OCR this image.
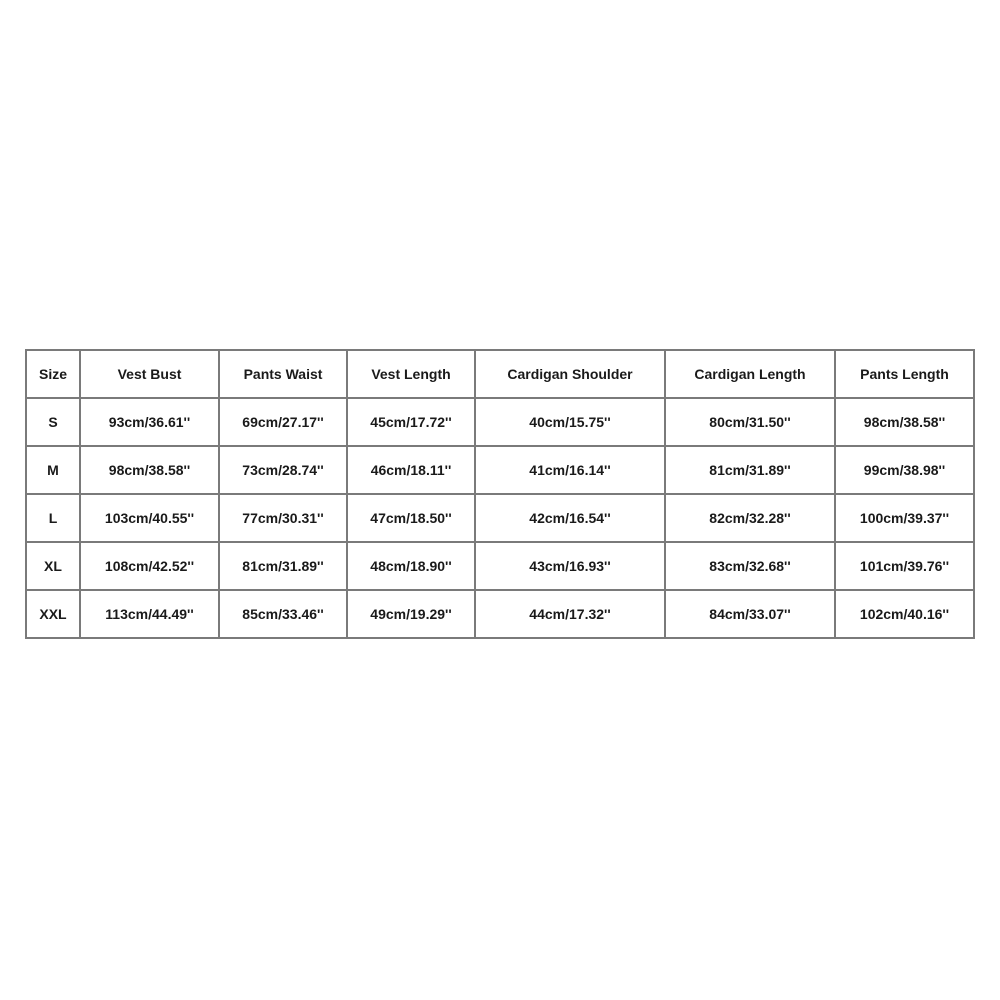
Size	Vest Bust	Pants Waist	Vest Length	Cardigan Shoulder	Cardigan Length	Pants Length
S	93cm/36.61''	69cm/27.17''	45cm/17.72''	40cm/15.75''	80cm/31.50''	98cm/38.58''
M	98cm/38.58''	73cm/28.74''	46cm/18.11''	41cm/16.14''	81cm/31.89''	99cm/38.98''
L	103cm/40.55''	77cm/30.31''	47cm/18.50''	42cm/16.54''	82cm/32.28''	100cm/39.37''
XL	108cm/42.52''	81cm/31.89''	48cm/18.90''	43cm/16.93''	83cm/32.68''	101cm/39.76''
XXL	113cm/44.49''	85cm/33.46''	49cm/19.29''	44cm/17.32''	84cm/33.07''	102cm/40.16''
